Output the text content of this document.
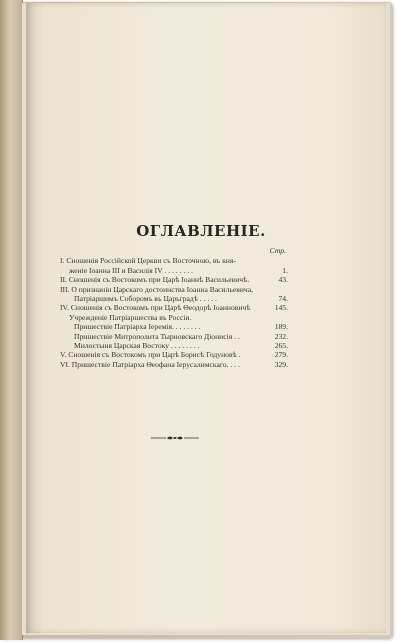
ОГЛАВЛЕНІЕ.
Стр.
I. Сношенія Россійской Церкви съ Восточною, въ кня-
женіе Іоанна III и Василія IV . . . . . . . .	1.
II. Сношенія съ Востокомъ при Царѣ Іоаннѣ Васильевичѣ.	43.
III. О признаніи Царскаго достоинства Іоанна Васильевича,
Патріаршимъ Соборомъ въ Царьградѣ . . . . .	74.
IV. Сношенія съ Востокомъ при Царѣ Ѳеодорѣ Іоанновичѣ	145.
Учрежденіе Патріаршества въ Россіи.
Пришествіе Патріарха Іеремія. . . . . . . .	189.
Пришествіе Митрополита Тырновскаго Діонисія . .	232.
Милостыня Царская Востоку . . . . . . . .	265.
V. Сношенія съ Востокомъ при Царѣ Борисѣ Годуновѣ .	279.
VI. Пришествіе Патріарха Ѳеофана Іерусалимскаго. . . .	329.
